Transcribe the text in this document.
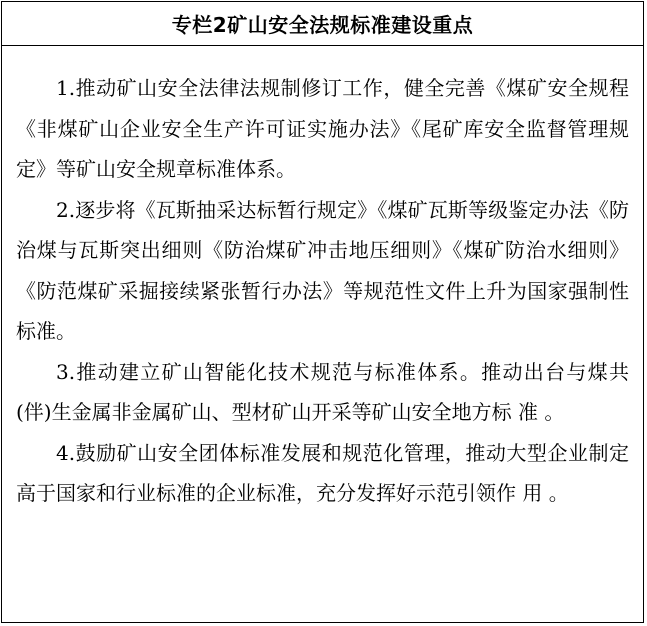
专栏2矿山安全法规标准建设重点

1.推动矿山安全法律法规制修订工作，健全完善《煤矿安全规程《非煤矿山企业安全生产许可证实施办法》《尾矿库安全监督管理规定》等矿山安全规章标准体系。

2.逐步将《瓦斯抽采达标暂行规定》《煤矿瓦斯等级鉴定办法《防治煤与瓦斯突出细则《防治煤矿冲击地压细则》《煤矿防治水细则》《防范煤矿采掘接续紧张暂行办法》等规范性文件上升为国家强制性标准。

3.推动建立矿山智能化技术规范与标准体系。推动出台与煤共(伴)生金属非金属矿山、型材矿山开采等矿山安全地方标 准 。

4.鼓励矿山安全团体标准发展和规范化管理，推动大型企业制定高于国家和行业标准的企业标准，充分发挥好示范引领作 用 。
